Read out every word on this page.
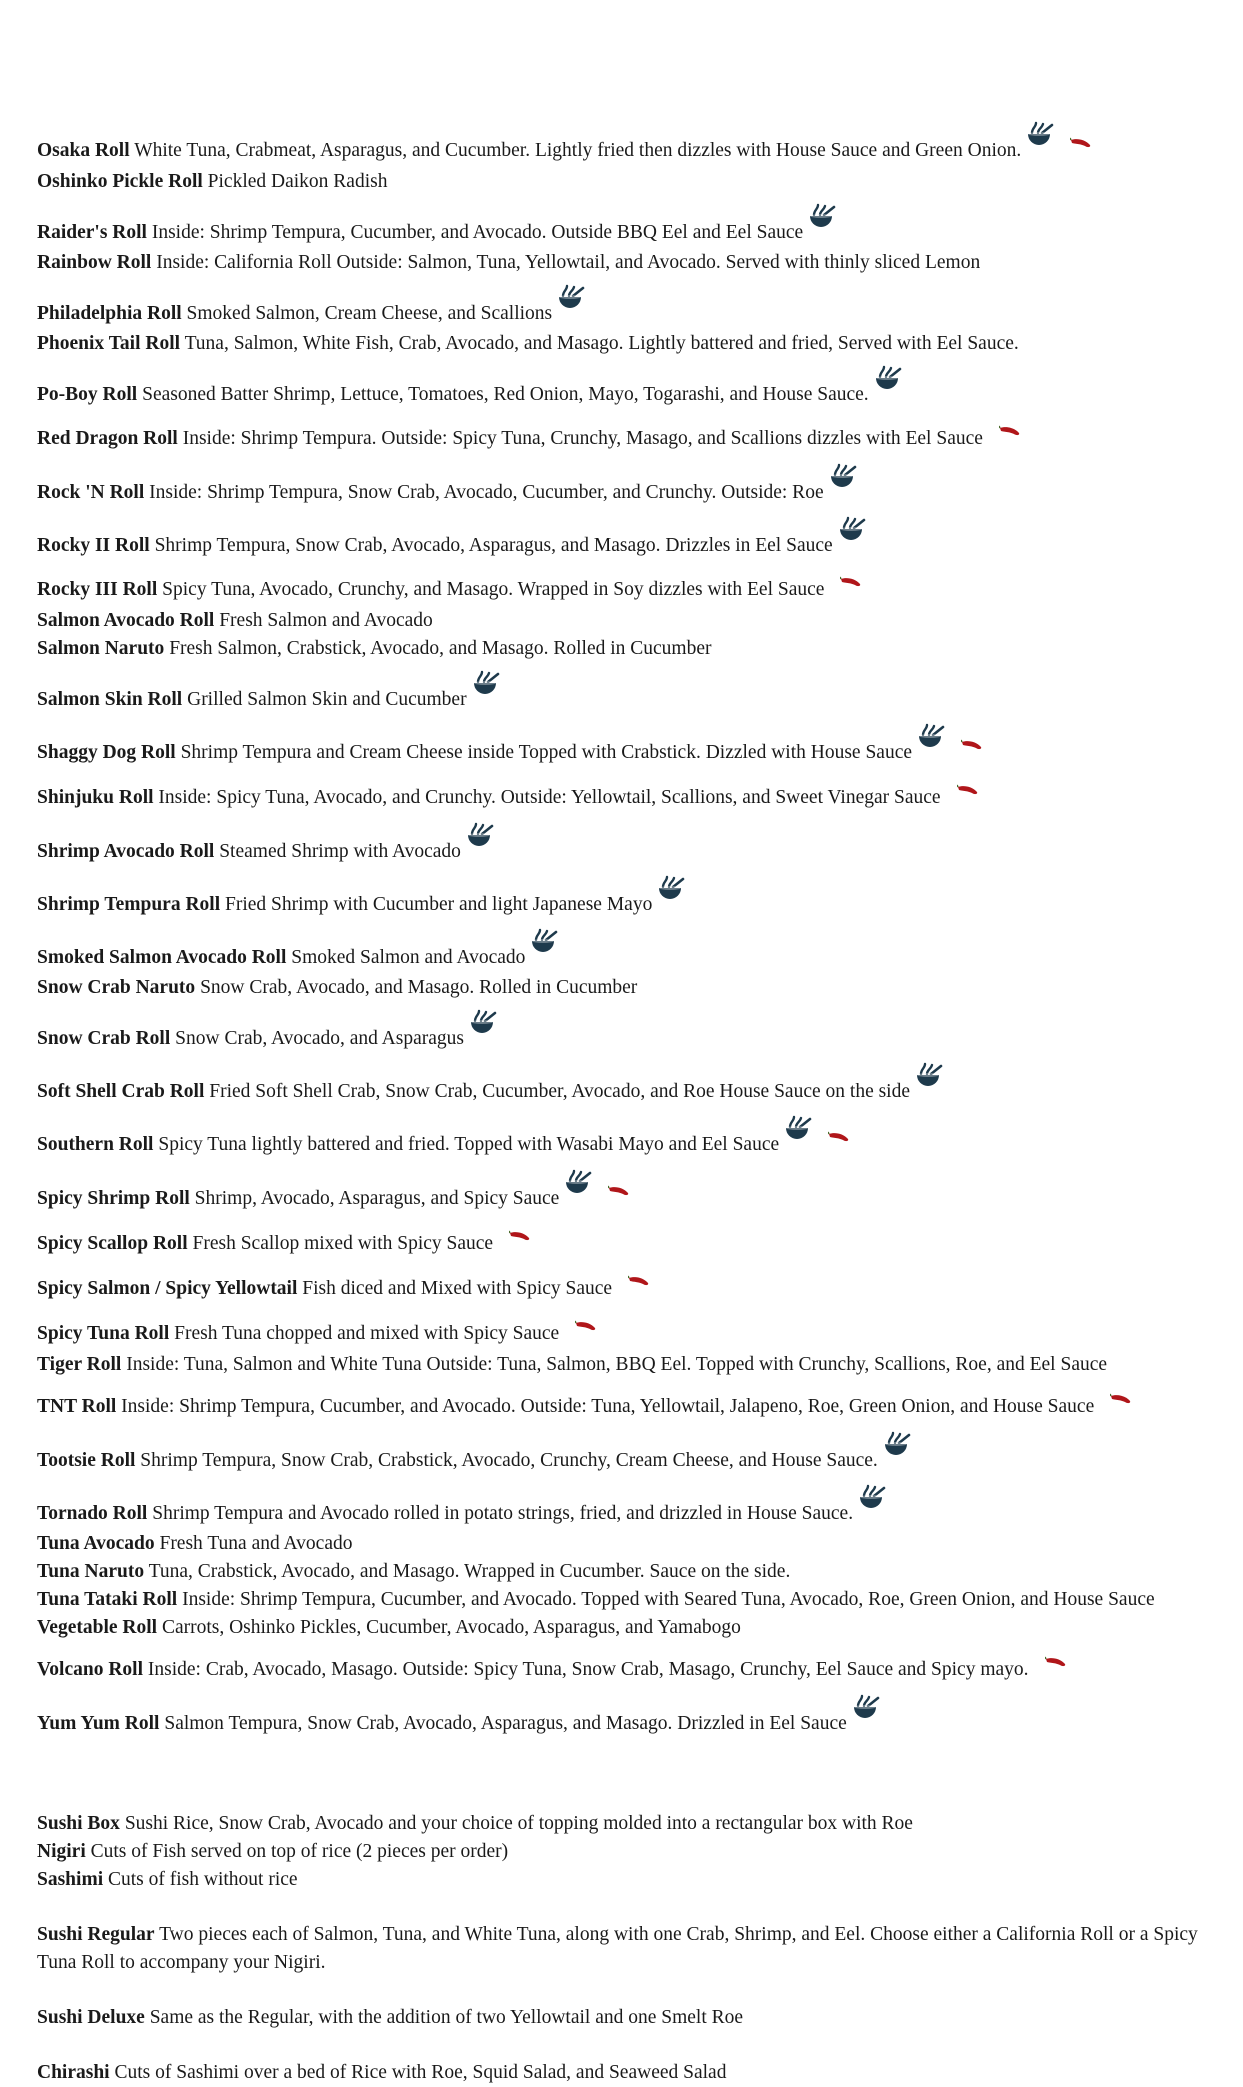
Osaka Roll White Tuna, Crabmeat, Asparagus, and Cucumber. Lightly fried then dizzles with House Sauce and Green Onion.
Oshinko Pickle Roll Pickled Daikon Radish
Raider's Roll Inside: Shrimp Tempura, Cucumber, and Avocado. Outside BBQ Eel and Eel Sauce
Rainbow Roll Inside: California Roll Outside: Salmon, Tuna, Yellowtail, and Avocado. Served with thinly sliced Lemon
Philadelphia Roll Smoked Salmon, Cream Cheese, and Scallions
Phoenix Tail Roll Tuna, Salmon, White Fish, Crab, Avocado, and Masago. Lightly battered and fried, Served with Eel Sauce.
Po-Boy Roll Seasoned Batter Shrimp, Lettuce, Tomatoes, Red Onion, Mayo, Togarashi, and House Sauce.
Red Dragon Roll Inside: Shrimp Tempura. Outside: Spicy Tuna, Crunchy, Masago, and Scallions dizzles with Eel Sauce
Rock 'N Roll Inside: Shrimp Tempura, Snow Crab, Avocado, Cucumber, and Crunchy. Outside: Roe
Rocky II Roll Shrimp Tempura, Snow Crab, Avocado, Asparagus, and Masago. Drizzles in Eel Sauce
Rocky III Roll Spicy Tuna, Avocado, Crunchy, and Masago. Wrapped in Soy dizzles with Eel Sauce
Salmon Avocado Roll Fresh Salmon and Avocado
Salmon Naruto Fresh Salmon, Crabstick, Avocado, and Masago. Rolled in Cucumber
Salmon Skin Roll Grilled Salmon Skin and Cucumber
Shaggy Dog Roll Shrimp Tempura and Cream Cheese inside Topped with Crabstick. Dizzled with House Sauce
Shinjuku Roll Inside: Spicy Tuna, Avocado, and Crunchy. Outside: Yellowtail, Scallions, and Sweet Vinegar Sauce
Shrimp Avocado Roll Steamed Shrimp with Avocado
Shrimp Tempura Roll Fried Shrimp with Cucumber and light Japanese Mayo
Smoked Salmon Avocado Roll Smoked Salmon and Avocado
Snow Crab Naruto Snow Crab, Avocado, and Masago. Rolled in Cucumber
Snow Crab Roll Snow Crab, Avocado, and Asparagus
Soft Shell Crab Roll Fried Soft Shell Crab, Snow Crab, Cucumber, Avocado, and Roe House Sauce on the side
Southern Roll Spicy Tuna lightly battered and fried. Topped with Wasabi Mayo and Eel Sauce
Spicy Shrimp Roll Shrimp, Avocado, Asparagus, and Spicy Sauce
Spicy Scallop Roll Fresh Scallop mixed with Spicy Sauce
Spicy Salmon / Spicy Yellowtail Fish diced and Mixed with Spicy Sauce
Spicy Tuna Roll Fresh Tuna chopped and mixed with Spicy Sauce
Tiger Roll Inside: Tuna, Salmon and White Tuna Outside: Tuna, Salmon, BBQ Eel. Topped with Crunchy, Scallions, Roe, and Eel Sauce
TNT Roll Inside: Shrimp Tempura, Cucumber, and Avocado. Outside: Tuna, Yellowtail, Jalapeno, Roe, Green Onion, and House Sauce
Tootsie Roll Shrimp Tempura, Snow Crab, Crabstick, Avocado, Crunchy, Cream Cheese, and House Sauce.
Tornado Roll Shrimp Tempura and Avocado rolled in potato strings, fried, and drizzled in House Sauce.
Tuna Avocado Fresh Tuna and Avocado
Tuna Naruto Tuna, Crabstick, Avocado, and Masago. Wrapped in Cucumber. Sauce on the side.
Tuna Tataki Roll Inside: Shrimp Tempura, Cucumber, and Avocado. Topped with Seared Tuna, Avocado, Roe, Green Onion, and House Sauce
Vegetable Roll Carrots, Oshinko Pickles, Cucumber, Avocado, Asparagus, and Yamabogo
Volcano Roll Inside: Crab, Avocado, Masago. Outside: Spicy Tuna, Snow Crab, Masago, Crunchy, Eel Sauce and Spicy mayo.
Yum Yum Roll Salmon Tempura, Snow Crab, Avocado, Asparagus, and Masago. Drizzled in Eel Sauce
Sushi Box Sushi Rice, Snow Crab, Avocado and your choice of topping molded into a rectangular box with Roe
Nigiri Cuts of Fish served on top of rice (2 pieces per order)
Sashimi Cuts of fish without rice
Sushi Regular Two pieces each of Salmon, Tuna, and White Tuna, along with one Crab, Shrimp, and Eel. Choose either a California Roll or a Spicy Tuna Roll to accompany your Nigiri.
Sushi Deluxe Same as the Regular, with the addition of two Yellowtail and one Smelt Roe
Chirashi Cuts of Sashimi over a bed of Rice with Roe, Squid Salad, and Seaweed Salad
